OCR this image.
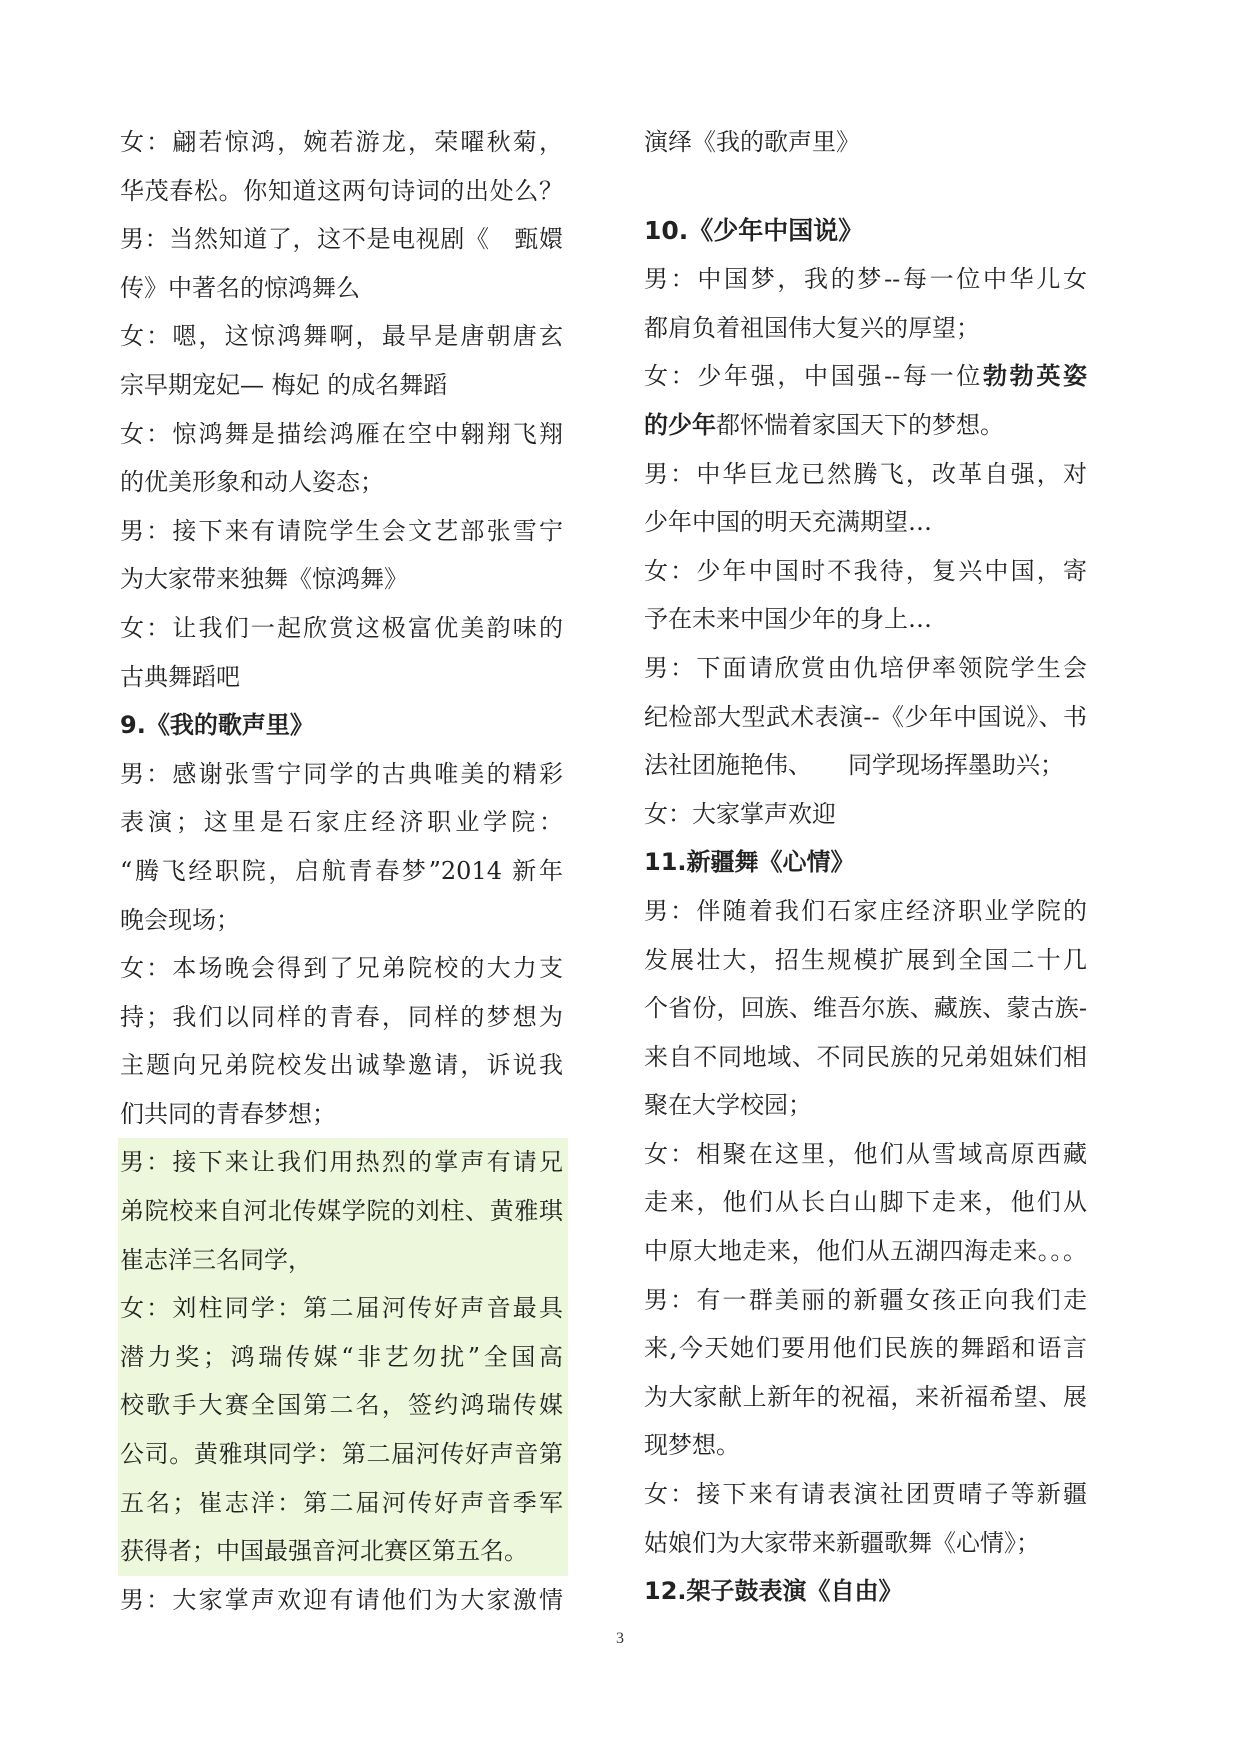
女：翩若惊鸿，婉若游龙，荣曜秋菊，
华茂春松。你知道这两句诗词的出处么？
男：当然知道了，这不是电视剧《　甄嬛
传》中著名的惊鸿舞么
女：嗯，这惊鸿舞啊，最早是唐朝唐玄
宗早期宠妃— 梅妃 的成名舞蹈
女：惊鸿舞是描绘鸿雁在空中翱翔飞翔
的优美形象和动人姿态；
男：接下来有请院学生会文艺部张雪宁
为大家带来独舞《惊鸿舞》
女：让我们一起欣赏这极富优美韵味的
古典舞蹈吧
9.《我的歌声里》
男：感谢张雪宁同学的古典唯美的精彩
表演；这里是石家庄经济职业学院：
“腾飞经职院，启航青春梦”2014 新年
晚会现场；
女：本场晚会得到了兄弟院校的大力支
持；我们以同样的青春，同样的梦想为
主题向兄弟院校发出诚挚邀请，诉说我
们共同的青春梦想；
男：接下来让我们用热烈的掌声有请兄
弟院校来自河北传媒学院的刘柱、黄雅琪
崔志洋三名同学，
女：刘柱同学：第二届河传好声音最具
潜力奖；鸿瑞传媒“非艺勿扰”全国高
校歌手大赛全国第二名，签约鸿瑞传媒
公司。黄雅琪同学：第二届河传好声音第
五名；崔志洋：第二届河传好声音季军
获得者；中国最强音河北赛区第五名。
男：大家掌声欢迎有请他们为大家激情
演绎《我的歌声里》
10.《少年中国说》
男：中国梦，我的梦--每一位中华儿女
都肩负着祖国伟大复兴的厚望；
女：少年强，中国强--每一位勃勃英姿
的少年都怀惴着家国天下的梦想。
男：中华巨龙已然腾飞，改革自强，对
少年中国的明天充满期望…
女：少年中国时不我待，复兴中国，寄
予在未来中国少年的身上…
男：下面请欣赏由仇培伊率领院学生会
纪检部大型武术表演--《少年中国说》、书
法社团施艳伟、　　同学现场挥墨助兴；
女：大家掌声欢迎
11.新疆舞《心情》
男：伴随着我们石家庄经济职业学院的
发展壮大，招生规模扩展到全国二十几
个省份，回族、维吾尔族、藏族、蒙古族-
来自不同地域、不同民族的兄弟姐妹们相
聚在大学校园；
女：相聚在这里，他们从雪域高原西藏
走来，他们从长白山脚下走来，他们从
中原大地走来，他们从五湖四海走来。。。
男：有一群美丽的新疆女孩正向我们走
来,今天她们要用他们民族的舞蹈和语言
为大家献上新年的祝福，来祈福希望、展
现梦想。
女：接下来有请表演社团贾晴子等新疆
姑娘们为大家带来新疆歌舞《心情》；
12.架子鼓表演《自由》
3
